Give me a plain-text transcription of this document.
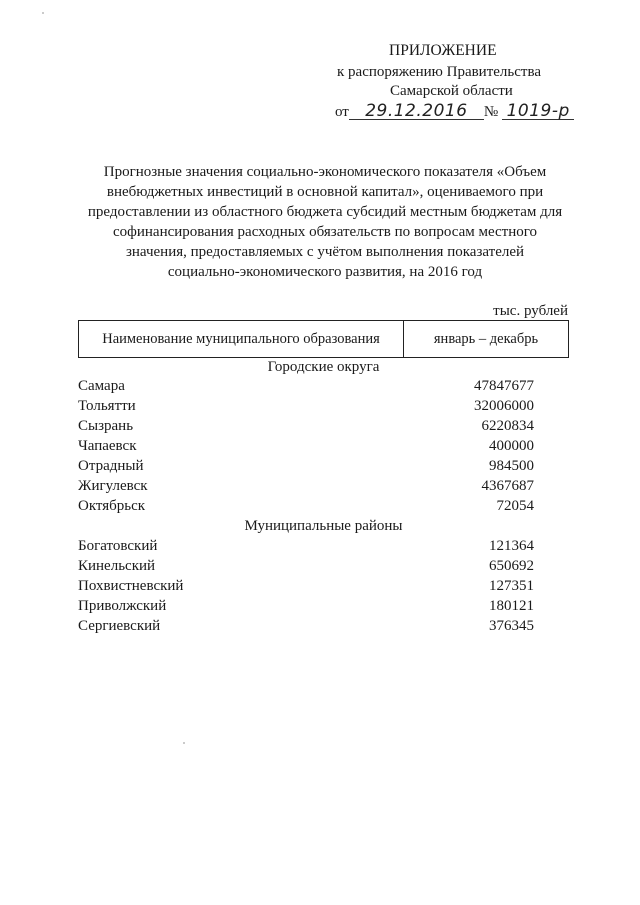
ПРИЛОЖЕНИЕ
к распоряжению Правительства
Самарской области
от 29.12.2016 № 1019-р
Прогнозные значения социально-экономического показателя «Объем
внебюджетных инвестиций в основной капитал», оцениваемого при
предоставлении из областного бюджета субсидий местным бюджетам для
софинансирования расходных обязательств по вопросам местного
значения, предоставляемых с учётом выполнения показателей
социально-экономического развития, на 2016 год
тыс. рублей
Наименование муниципального образования	январь – декабрь
Городские округа
Самара	47847677
Тольятти	32006000
Сызрань	6220834
Чапаевск	400000
Отрадный	984500
Жигулевск	4367687
Октябрьск	72054
Муниципальные районы
Богатовский	121364
Кинельский	650692
Похвистневский	127351
Приволжский	180121
Сергиевский	376345
